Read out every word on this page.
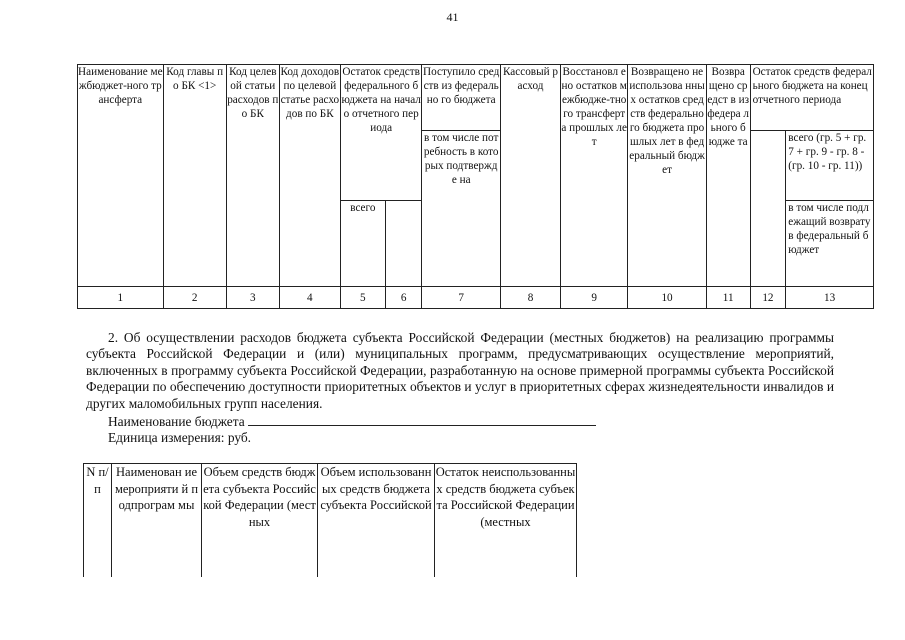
41
Наименование межбюджет-ного трансферта	Код главы по БК <1>	Код целевой статьи расходов по БК	Код доходов по целевой статье расходов по БК	Остаток средств федерального бюджета на начало отчетного периода		Поступило средств из федерально го бюджета	Кассовый расход	Восстановл ено остатков межбюдже-тного трансферта прошлых лет	Возвращено неиспользова нных остатков средств федерального бюджета прошлых лет в федеральный бюджет	Возвра щено средст в из федера льного бюдже та	Остаток средств федерального бюджета на конец отчетного периода	
						в том числе потребность в которых подтвержде на						всего (гр. 5 + гр. 7 + гр. 9 - гр. 8 - (гр. 10 - гр. 11))
				всего								в том числе подлежащий возврату в федеральный бюджет
1	2	3	4	5	6	7	8	9	10	11	12	13
2. Об осуществлении расходов бюджета субъекта Российской Федерации (местных бюджетов) на реализацию программы субъекта Российской Федерации и (или) муниципальных программ, предусматривающих осуществление мероприятий, включенных в программу субъекта Российской Федерации, разработанную на основе примерной программы субъекта Российской Федерации по обеспечению доступности приоритетных объектов и услуг в приоритетных сферах жизнедеятельности инвалидов и других маломобильных групп населения.
Наименование бюджета
Единица измерения: руб.
N п/п	Наименован ие мероприяти й подпрограм мы	Объем средств бюджета субъекта Российской Федерации (местных	Объем использованных средств бюджета субъекта Российской	Остаток неиспользованных средств бюджета субъекта Российской Федерации (местных
